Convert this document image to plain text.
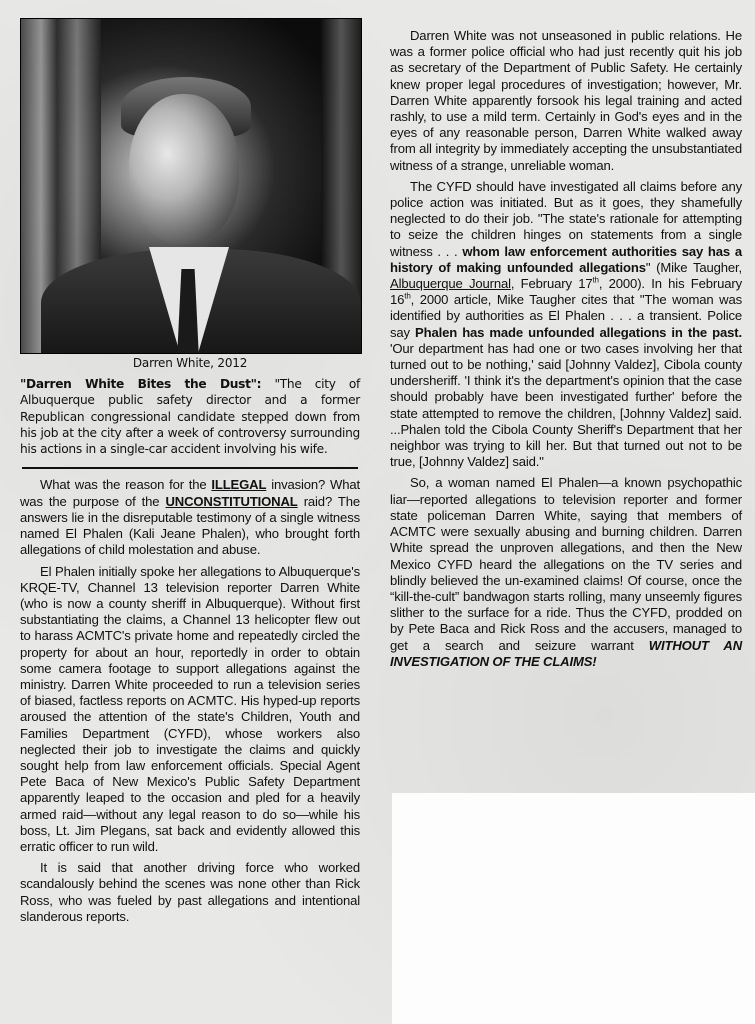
Darren White, 2012
"Darren White Bites the Dust": "The city of Albuquerque public safety director and a former Republican congressional candidate stepped down from his job at the city after a week of controversy surrounding his actions in a single-car accident involving his wife.

What was the reason for the ILLEGAL invasion? What was the purpose of the UNCONSTITUTIONAL raid? The answers lie in the disreputable testimony of a single witness named El Phalen (Kali Jeane Phalen), who brought forth allegations of child molestation and abuse.

El Phalen initially spoke her allegations to Albuquerque's KRQE-TV, Channel 13 television reporter Darren White (who is now a county sheriff in Albuquerque). Without first substantiating the claims, a Channel 13 helicopter flew out to harass ACMTC's private home and repeatedly circled the property for about an hour, reportedly in order to obtain some camera footage to support allegations against the ministry. Darren White proceeded to run a television series of biased, factless reports on ACMTC. His hyped-up reports aroused the attention of the state's Children, Youth and Families Department (CYFD), whose workers also neglected their job to investigate the claims and quickly sought help from law enforcement officials. Special Agent Pete Baca of New Mexico's Public Safety Department apparently leaped to the occasion and pled for a heavily armed raid—without any legal reason to do so—while his boss, Lt. Jim Plegans, sat back and evidently allowed this erratic officer to run wild.

It is said that another driving force who worked scandalously behind the scenes was none other than Rick Ross, who was fueled by past allegations and intentional slanderous reports.

Darren White was not unseasoned in public relations. He was a former police official who had just recently quit his job as secretary of the Department of Public Safety. He certainly knew proper legal procedures of investigation; however, Mr. Darren White apparently forsook his legal training and acted rashly, to use a mild term. Certainly in God's eyes and in the eyes of any reasonable person, Darren White walked away from all integrity by immediately accepting the unsubstantiated witness of a strange, unreliable woman.

The CYFD should have investigated all claims before any police action was initiated. But as it goes, they shamefully neglected to do their job. "The state's rationale for attempting to seize the children hinges on statements from a single witness . . . whom law enforcement authorities say has a history of making unfounded allegations" (Mike Taugher, Albuquerque Journal, February 17th, 2000). In his February 16th, 2000 article, Mike Taugher cites that "The woman was identified by authorities as El Phalen . . . a transient. Police say Phalen has made unfounded allegations in the past. 'Our department has had one or two cases involving her that turned out to be nothing,' said [Johnny Valdez], Cibola county undersheriff. 'I think it's the department's opinion that the case should probably have been investigated further' before the state attempted to remove the children, [Johnny Valdez] said. ...Phalen told the Cibola County Sheriff's Department that her neighbor was trying to kill her. But that turned out not to be true, [Johnny Valdez] said."

So, a woman named El Phalen—a known psychopathic liar—reported allegations to television reporter and former state policeman Darren White, saying that members of ACMTC were sexually abusing and burning children. Darren White spread the unproven allegations, and then the New Mexico CYFD heard the allegations on the TV series and blindly believed the un-examined claims! Of course, once the “kill-the-cult” bandwagon starts rolling, many unseemly figures slither to the surface for a ride. Thus the CYFD, prodded on by Pete Baca and Rick Ross and the accusers, managed to get a search and seizure warrant WITHOUT AN INVESTIGATION OF THE CLAIMS!
